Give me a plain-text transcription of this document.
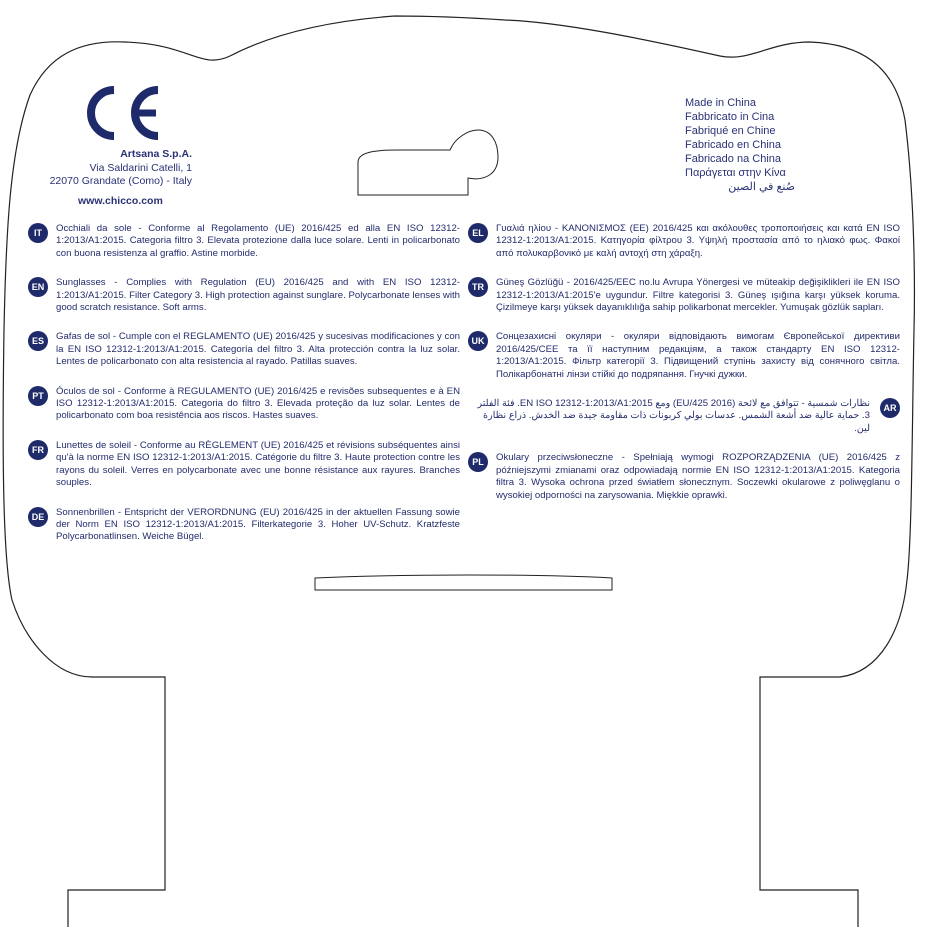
Artsana S.p.A.
Via Saldarini Catelli, 1
22070 Grandate (Como) - Italy
www.chicco.com
Made in China
Fabbricato in Cina
Fabriqué en Chine
Fabricado en China
Fabricado na China
Παράγεται στην Κίνα
صُنع في الصين
IT	Occhiali da sole - Conforme al Regolamento (UE) 2016/425 ed alla EN ISO 12312-1:2013/A1:2015. Categoria filtro 3. Elevata protezione dalla luce solare. Lenti in policarbonato con buona resistenza al graffio. Astine morbide.
EN	Sunglasses - Complies with Regulation (EU) 2016/425 and with EN ISO 12312-1:2013/A1:2015. Filter Category 3. High protection against sunglare. Polycarbonate lenses with good scratch resistance. Soft arms.
ES	Gafas de sol - Cumple con el REGLAMENTO (UE) 2016/425 y sucesivas modificaciones y con la EN ISO 12312-1:2013/A1:2015. Categoría del filtro 3. Alta protección contra la luz solar. Lentes de policarbonato con alta resistencia al rayado. Patillas suaves.
PT	Óculos de sol - Conforme à REGULAMENTO (UE) 2016/425 e revisões subsequentes e à EN ISO 12312-1:2013/A1:2015. Categoria do filtro 3. Elevada proteção da luz solar. Lentes de policarbonato com boa resistência aos riscos. Hastes suaves.
FR	Lunettes de soleil - Conforme au RÈGLEMENT (UE) 2016/425 et révisions subséquentes ainsi qu'à la norme EN ISO 12312-1:2013/A1:2015. Catégorie du filtre 3. Haute protection contre les rayons du soleil. Verres en polycarbonate avec une bonne résistance aux rayures. Branches souples.
DE	Sonnenbrillen - Entspricht der VERORDNUNG (EU) 2016/425 in der aktuellen Fassung sowie der Norm EN ISO 12312-1:2013/A1:2015. Filterkategorie 3. Hoher UV-Schutz. Kratzfeste Polycarbonatlinsen. Weiche Bügel.
EL	Γυαλιά ηλίου - ΚΑΝΟΝΙΣΜΟΣ (ΕΕ) 2016/425 και ακόλουθες τροποποιήσεις και κατά EN ISO 12312-1:2013/A1:2015. Κατηγορία φίλτρου 3. Υψηλή προστασία από το ηλιακό φως. Φακοί από πολυκαρβονικό με καλή αντοχή στη χάραξη.
TR	Güneş Gözlüğü - 2016/425/EEC no.lu Avrupa Yönergesi ve müteakip değişiklikleri ile EN ISO 12312-1:2013/A1:2015'e uygundur. Filtre kategorisi 3. Güneş ışığına karşı yüksek koruma. Çizilmeye karşı yüksek dayanıklılığa sahip polikarbonat mercekler. Yumuşak gözlük sapları.
UK	Сонцезахисні окуляри - окуляри відповідають вимогам Європейської директиви 2016/425/CEE та її наступним редакціям, а також стандарту EN ISO 12312-1:2013/A1:2015. Фільтр категорії 3. Підвищений ступінь захисту від сонячного світла. Полікарбонатні лінзи стійкі до подряпання. Гнучкі дужки.
AR
نظارات شمسية - تتوافق مع لائحة (EU/425 2016) ومع EN ISO 12312-1:2013/A1:2015. فئة الفلتر 3. حماية عالية ضد أشعة الشمس. عدسات بولي كربونات ذات مقاومة جيدة ضد الخدش. ذراع نظارة لين.
PL	Okulary przeciwsłoneczne - Spełniają wymogi ROZPORZĄDZENIA (UE) 2016/425 z późniejszymi zmianami oraz odpowiadają normie EN ISO 12312-1:2013/A1:2015. Kategoria filtra 3. Wysoka ochrona przed światłem słonecznym. Soczewki okularowe z poliwęglanu o wysokiej odporności na zarysowania. Miękkie oprawki.
